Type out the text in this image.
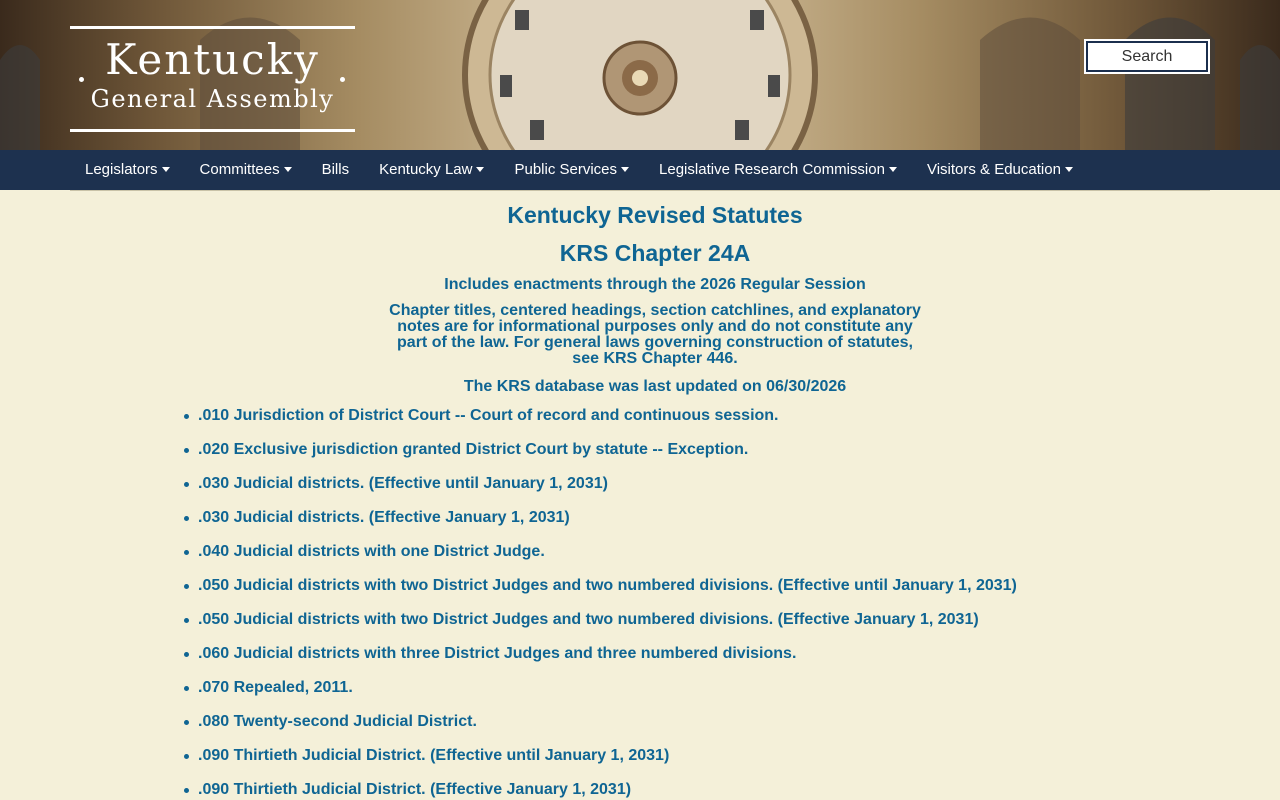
Kentucky
General Assembly
Search
Legislators	Committees	Bills	Kentucky Law	Public Services	Legislative Research Commission	Visitors & Education
Kentucky Revised Statutes
KRS Chapter 24A
Includes enactments through the 2026 Regular Session
Chapter titles, centered headings, section catchlines, and explanatory notes are for informational purposes only and do not constitute any part of the law. For general laws governing construction of statutes, see KRS Chapter 446.
The KRS database was last updated on 06/30/2026
.010 Jurisdiction of District Court -- Court of record and continuous session.
.020 Exclusive jurisdiction granted District Court by statute -- Exception.
.030 Judicial districts. (Effective until January 1, 2031)
.030 Judicial districts. (Effective January 1, 2031)
.040 Judicial districts with one District Judge.
.050 Judicial districts with two District Judges and two numbered divisions. (Effective until January 1, 2031)
.050 Judicial districts with two District Judges and two numbered divisions. (Effective January 1, 2031)
.060 Judicial districts with three District Judges and three numbered divisions.
.070 Repealed, 2011.
.080 Twenty-second Judicial District.
.090 Thirtieth Judicial District. (Effective until January 1, 2031)
.090 Thirtieth Judicial District. (Effective January 1, 2031)
